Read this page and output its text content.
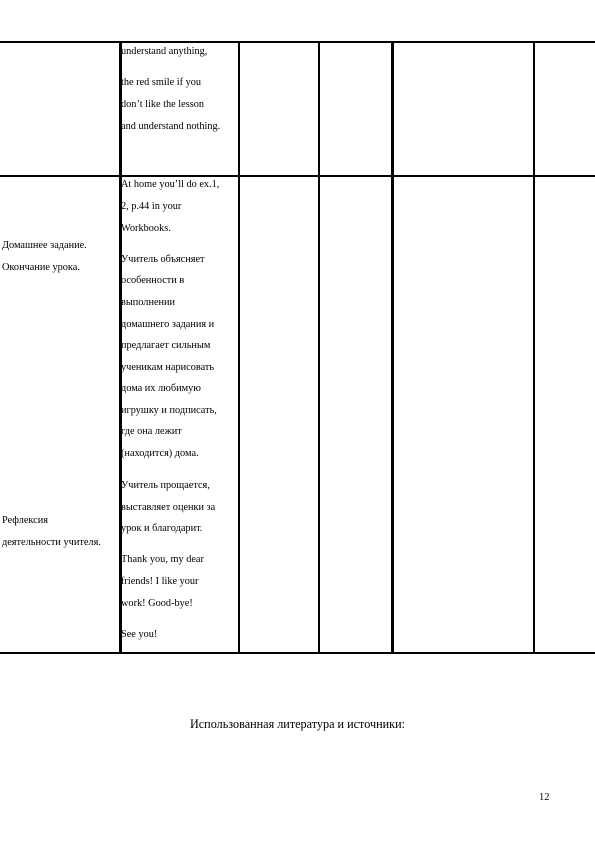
understand anything,
the red smile if you
don’t like the lesson
and understand nothing.
Домашнее задание.
Окончание урока.
Рефлексия
деятельности учителя.
At home you’ll do ex.1,
2, p.44 in your
Workbooks.
Учитель объясняет
особенности в
выполнении
домашнего задания и
предлагает сильным
ученикам нарисовать
дома их любимую
игрушку и подписать,
где она лежит
(находится) дома.
Учитель прощается,
выставляет оценки за
урок и благодарит.
Thank you, my dear
friends! I like your
work! Good-bye!
See you!
Использованная литература и источники:
12
